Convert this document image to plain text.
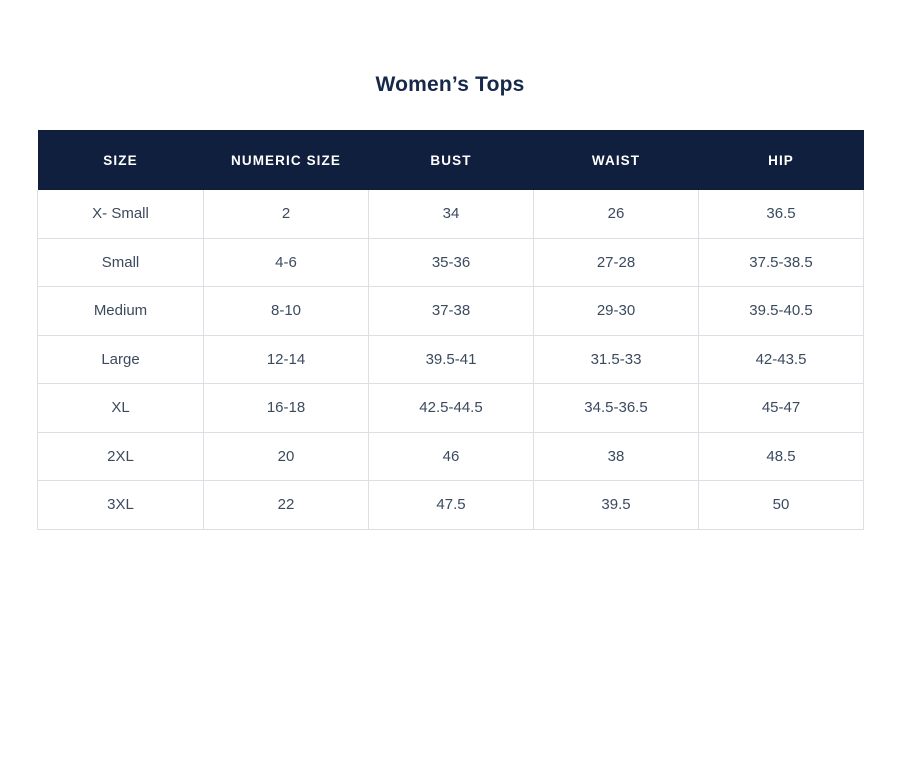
Women’s Tops
SIZE	NUMERIC SIZE	BUST	WAIST	HIP
X- Small	2	34	26	36.5
Small	4-6	35-36	27-28	37.5-38.5
Medium	8-10	37-38	29-30	39.5-40.5
Large	12-14	39.5-41	31.5-33	42-43.5
XL	16-18	42.5-44.5	34.5-36.5	45-47
2XL	20	46	38	48.5
3XL	22	47.5	39.5	50
